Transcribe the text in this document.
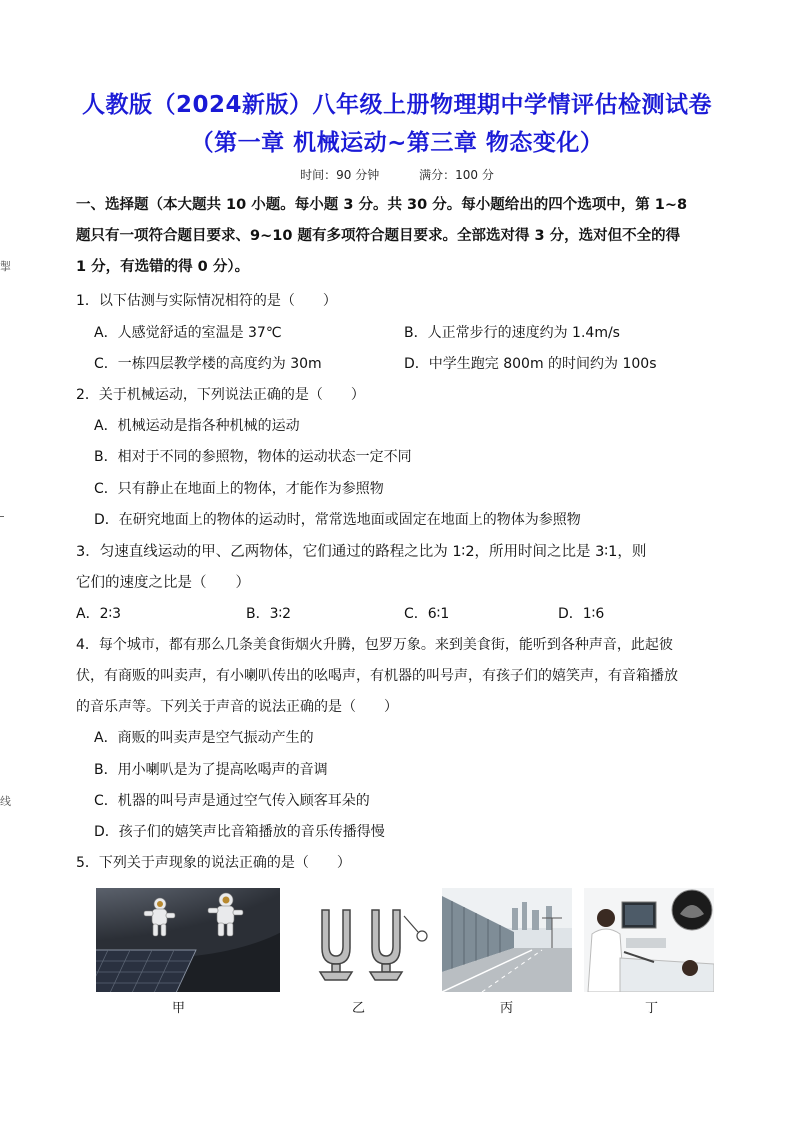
掣
线
人教版（2024新版）八年级上册物理期中学情评估检测试卷
（第一章 机械运动~第三章 物态变化）
时间：90 分钟	满分：100 分
一、选择题（本大题共 10 小题。每小题 3 分。共 30 分。每小题给出的四个选项中，第 1~8
题只有一项符合题目要求、9~10 题有多项符合题目要求。全部选对得 3 分，选对但不全的得
1 分，有选错的得 0 分）。
1．以下估测与实际情况相符的是（　　）
A．人感觉舒适的室温是 37℃	B．人正常步行的速度约为 1.4m/s
C．一栋四层教学楼的高度约为 30m	D．中学生跑完 800m 的时间约为 100s
2．关于机械运动，下列说法正确的是（　　）
A．机械运动是指各种机械的运动
B．相对于不同的参照物，物体的运动状态一定不同
C．只有静止在地面上的物体，才能作为参照物
D．在研究地面上的物体的运动时，常常选地面或固定在地面上的物体为参照物
3．匀速直线运动的甲、乙两物体，它们通过的路程之比为 1∶2，所用时间之比是 3∶1，则
它们的速度之比是（　　）
A．2∶3	B．3∶2	C．6∶1	D．1∶6
4．每个城市，都有那么几条美食街烟火升腾，包罗万象。来到美食街，能听到各种声音，此起彼
伏，有商贩的叫卖声，有小喇叭传出的吆喝声，有机器的叫号声，有孩子们的嬉笑声，有音箱播放
的音乐声等。下列关于声音的说法正确的是（　　）
A．商贩的叫卖声是空气振动产生的
B．用小喇叭是为了提高吆喝声的音调
C．机器的叫号声是通过空气传入顾客耳朵的
D．孩子们的嬉笑声比音箱播放的音乐传播得慢
5．下列关于声现象的说法正确的是（　　）
甲	乙	丙	丁
